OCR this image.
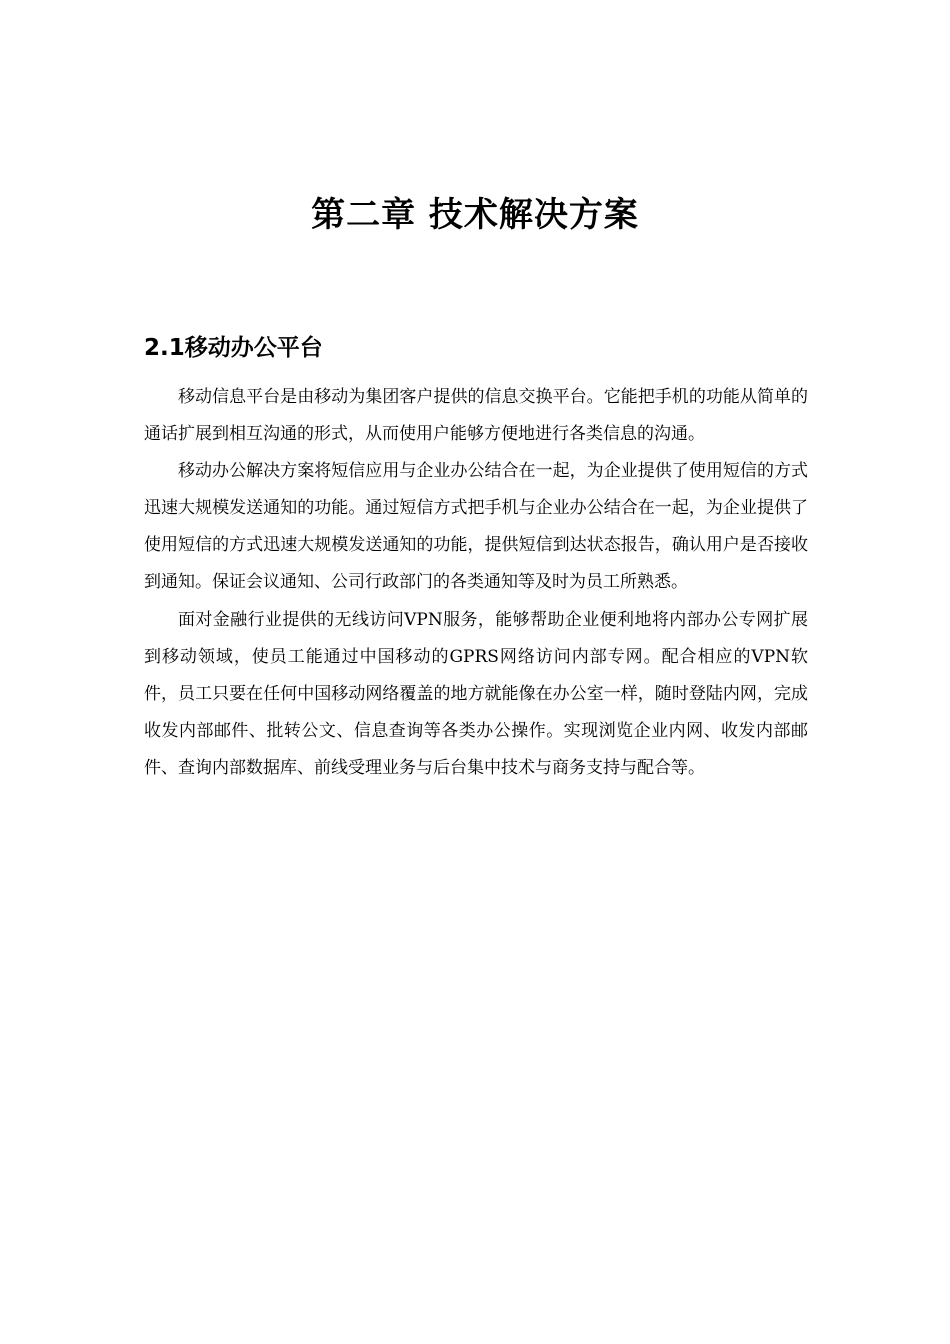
第二章 技术解决方案
2.1移动办公平台

移动信息平台是由移动为集团客户提供的信息交换平台。它能把手机的功能从简单的通话扩展到相互沟通的形式，从而使用户能够方便地进行各类信息的沟通。

移动办公解决方案将短信应用与企业办公结合在一起，为企业提供了使用短信的方式迅速大规模发送通知的功能。通过短信方式把手机与企业办公结合在一起，为企业提供了使用短信的方式迅速大规模发送通知的功能，提供短信到达状态报告，确认用户是否接收到通知。保证会议通知、公司行政部门的各类通知等及时为员工所熟悉。

面对金融行业提供的无线访问VPN服务，能够帮助企业便利地将内部办公专网扩展到移动领域，使员工能通过中国移动的GPRS网络访问内部专网。配合相应的VPN软件，员工只要在任何中国移动网络覆盖的地方就能像在办公室一样，随时登陆内网，完成收发内部邮件、批转公文、信息查询等各类办公操作。实现浏览企业内网、收发内部邮件、查询内部数据库、前线受理业务与后台集中技术与商务支持与配合等。
